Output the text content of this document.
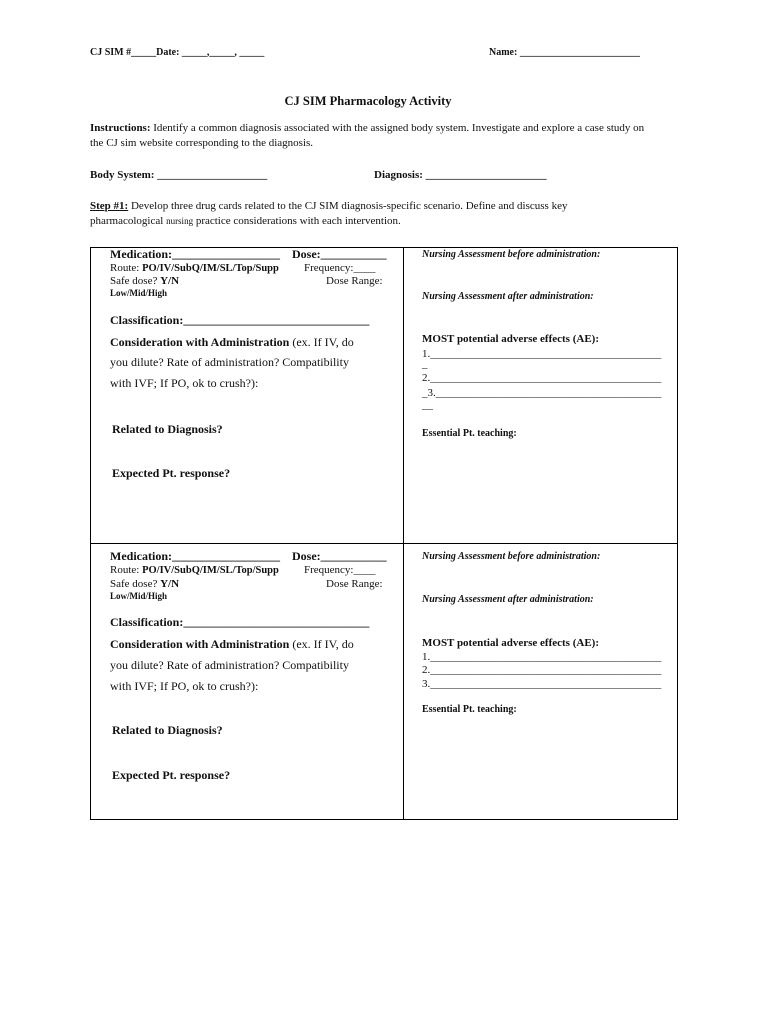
CJ SIM #_____Date: _____,_____, _____	Name: ________________________
CJ SIM Pharmacology Activity
Instructions: Identify a common diagnosis associated with the assigned body system. Investigate and explore a case study on the CJ sim website corresponding to the diagnosis.
Body System: ____________________	Diagnosis: ______________________
Step #1: Develop three drug cards related to the CJ SIM diagnosis-specific scenario. Define and discuss key pharmacological nursing practice considerations with each intervention.
Medication:__________________ Dose:___________
Route: PO/IV/SubQ/IM/SL/Top/Supp Frequency:____
Safe dose? Y/N	Dose Range:
Low/Mid/High
Classification:_______________________________
Consideration with Administration (ex. If IV, do
you dilute? Rate of administration? Compatibility
with IVF; If PO, ok to crush?):
Related to Diagnosis?
Expected Pt. response?
Nursing Assessment before administration:
Nursing Assessment after administration:
MOST potential adverse effects (AE):
1.__________________________________________
_
2.__________________________________________
_3._________________________________________
__
Essential Pt. teaching:
Medication:__________________ Dose:___________
Route: PO/IV/SubQ/IM/SL/Top/Supp Frequency:____
Safe dose? Y/N	Dose Range:
Low/Mid/High
Classification:_______________________________
Consideration with Administration (ex. If IV, do
you dilute? Rate of administration? Compatibility
with IVF; If PO, ok to crush?):
Related to Diagnosis?
Expected Pt. response?
Nursing Assessment before administration:
Nursing Assessment after administration:
MOST potential adverse effects (AE):
1.__________________________________________
2.__________________________________________
3.__________________________________________
Essential Pt. teaching:
